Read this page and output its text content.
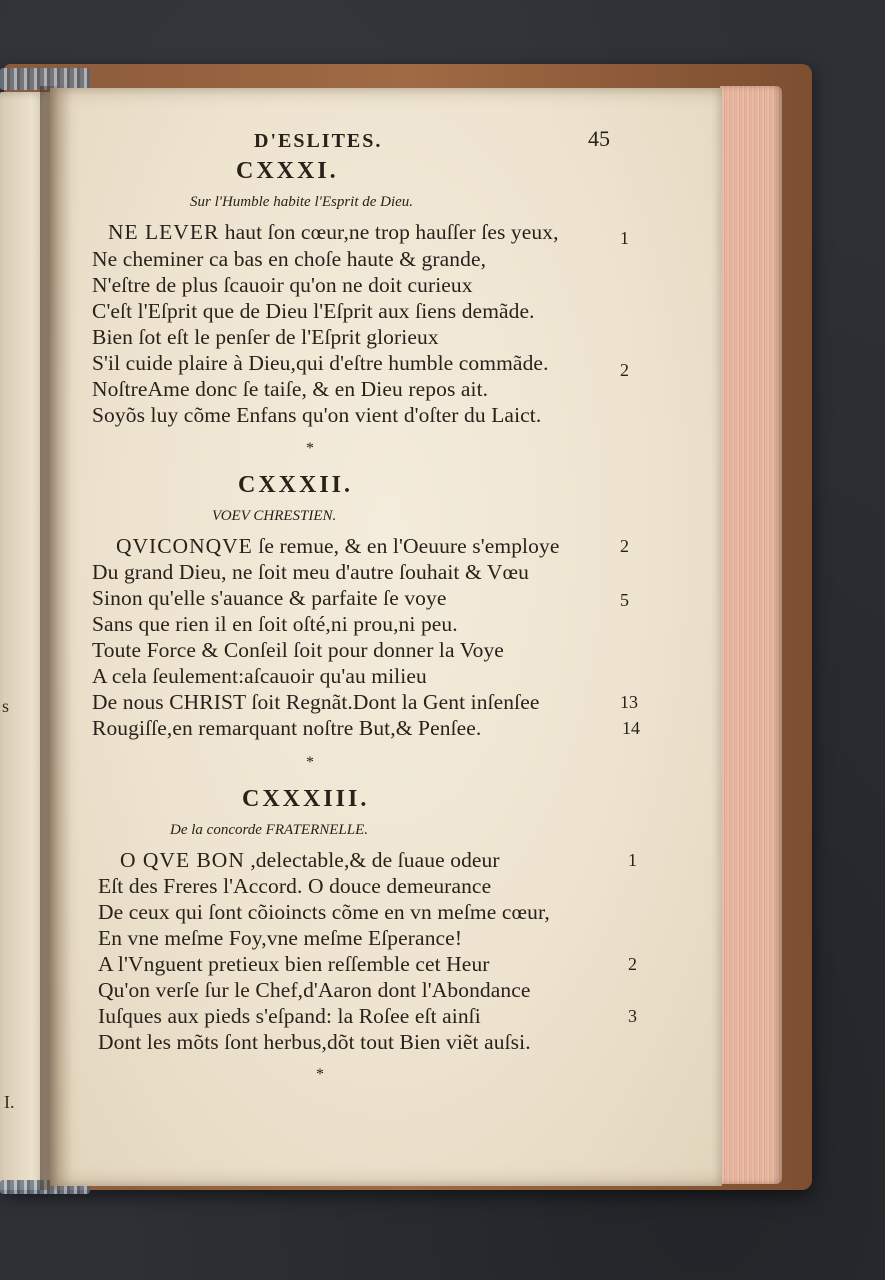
s
I.
D'ESLITES.	45
CXXXI.
Sur l'Humble habite l'Esprit de Dieu.
NE LEVER haut ſon cœur,ne trop hauſſer ſes yeux,
Ne cheminer ca bas en choſe haute & grande,
N'eſtre de plus ſcauoir qu'on ne doit curieux
C'eſt l'Eſprit que de Dieu l'Eſprit aux ſiens demãde.
Bien ſot eſt le penſer de l'Eſprit glorieux
S'il cuide plaire à Dieu,qui d'eſtre humble commãde.
NoſtreAme donc ſe taiſe, & en Dieu repos ait.
Soyõs luy cõme Enfans qu'on vient d'oſter du Laict.
1
2
*
CXXXII.
VOEV CHRESTIEN.
QVICONQVE ſe remue, & en l'Oeuure s'employe
Du grand Dieu, ne ſoit meu d'autre ſouhait & Vœu
Sinon qu'elle s'auance & parfaite ſe voye
Sans que rien il en ſoit oſté,ni prou,ni peu.
Toute Force & Conſeil ſoit pour donner la Voye
A cela ſeulement:aſcauoir qu'au milieu
De nous CHRIST ſoit Regnãt.Dont la Gent inſenſee
Rougiſſe,en remarquant noſtre But,& Penſee.
2
5
13
14
*
CXXXIII.
De la concorde FRATERNELLE.
O QVE BON ,delectable,& de ſuaue odeur
Eſt des Freres l'Accord. O douce demeurance
De ceux qui ſont cõioincts cõme en vn meſme cœur,
En vne meſme Foy,vne meſme Eſperance!
A l'Vnguent pretieux bien reſſemble cet Heur
Qu'on verſe ſur le Chef,d'Aaron dont l'Abondance
Iuſques aux pieds s'eſpand: la Roſee eſt ainſi
Dont les mõts ſont herbus,dõt tout Bien viẽt auſsi.
1
2
3
*
